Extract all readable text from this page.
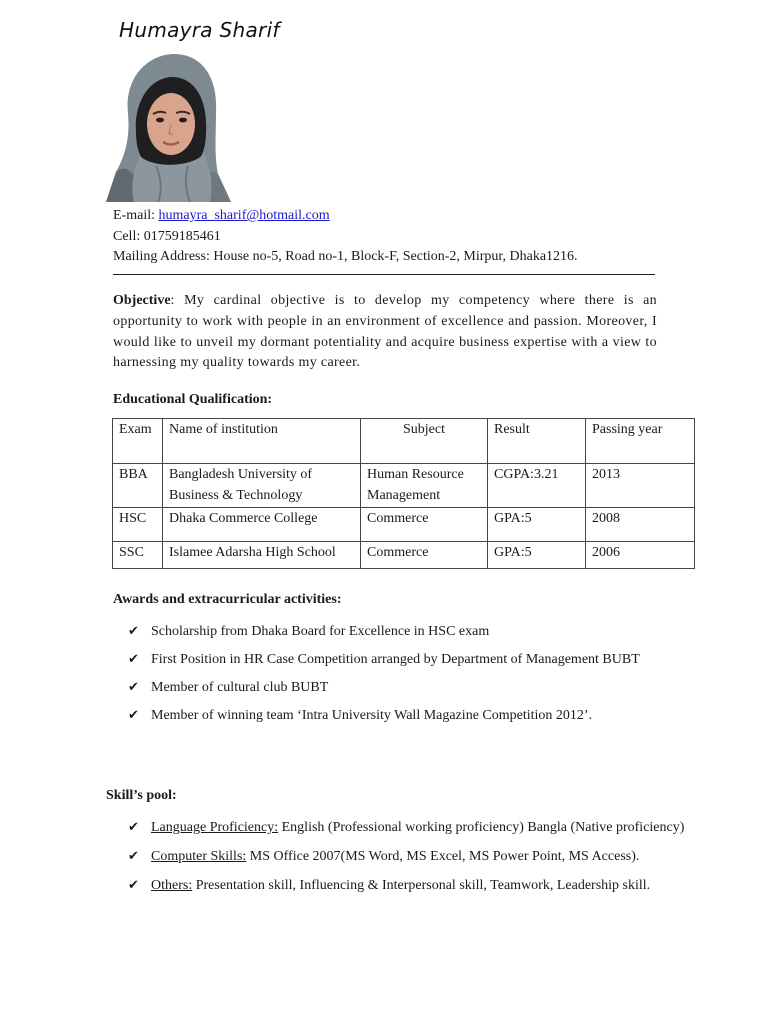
Humayra Sharif
E-mail: humayra_sharif@hotmail.com
Cell: 01759185461
Mailing Address: House no-5, Road no-1, Block-F, Section-2, Mirpur, Dhaka1216.
Objective: My cardinal objective is to develop my competency where there is an opportunity to work with people in an environment of excellence and passion. Moreover, I would like to unveil my dormant potentiality and acquire business expertise with a view to harnessing my quality towards my career.
Educational Qualification:
Exam	Name of institution	Subject	Result	Passing year
BBA	Bangladesh University of Business & Technology	Human Resource Management	CGPA:3.21	2013
HSC	Dhaka Commerce College	Commerce	GPA:5	2008
SSC	Islamee Adarsha High School	Commerce	GPA:5	2006
Awards and extracurricular activities:
✔ Scholarship from Dhaka Board for Excellence in HSC exam
✔ First Position in HR Case Competition arranged by Department of Management BUBT
✔ Member of cultural club BUBT
✔ Member of winning team ‘Intra University Wall Magazine Competition 2012’.
Skill’s pool:
✔ Language Proficiency: English (Professional working proficiency) Bangla (Native proficiency)
✔ Computer Skills: MS Office 2007(MS Word, MS Excel, MS Power Point, MS Access).
✔ Others: Presentation skill, Influencing & Interpersonal skill, Teamwork, Leadership skill.
